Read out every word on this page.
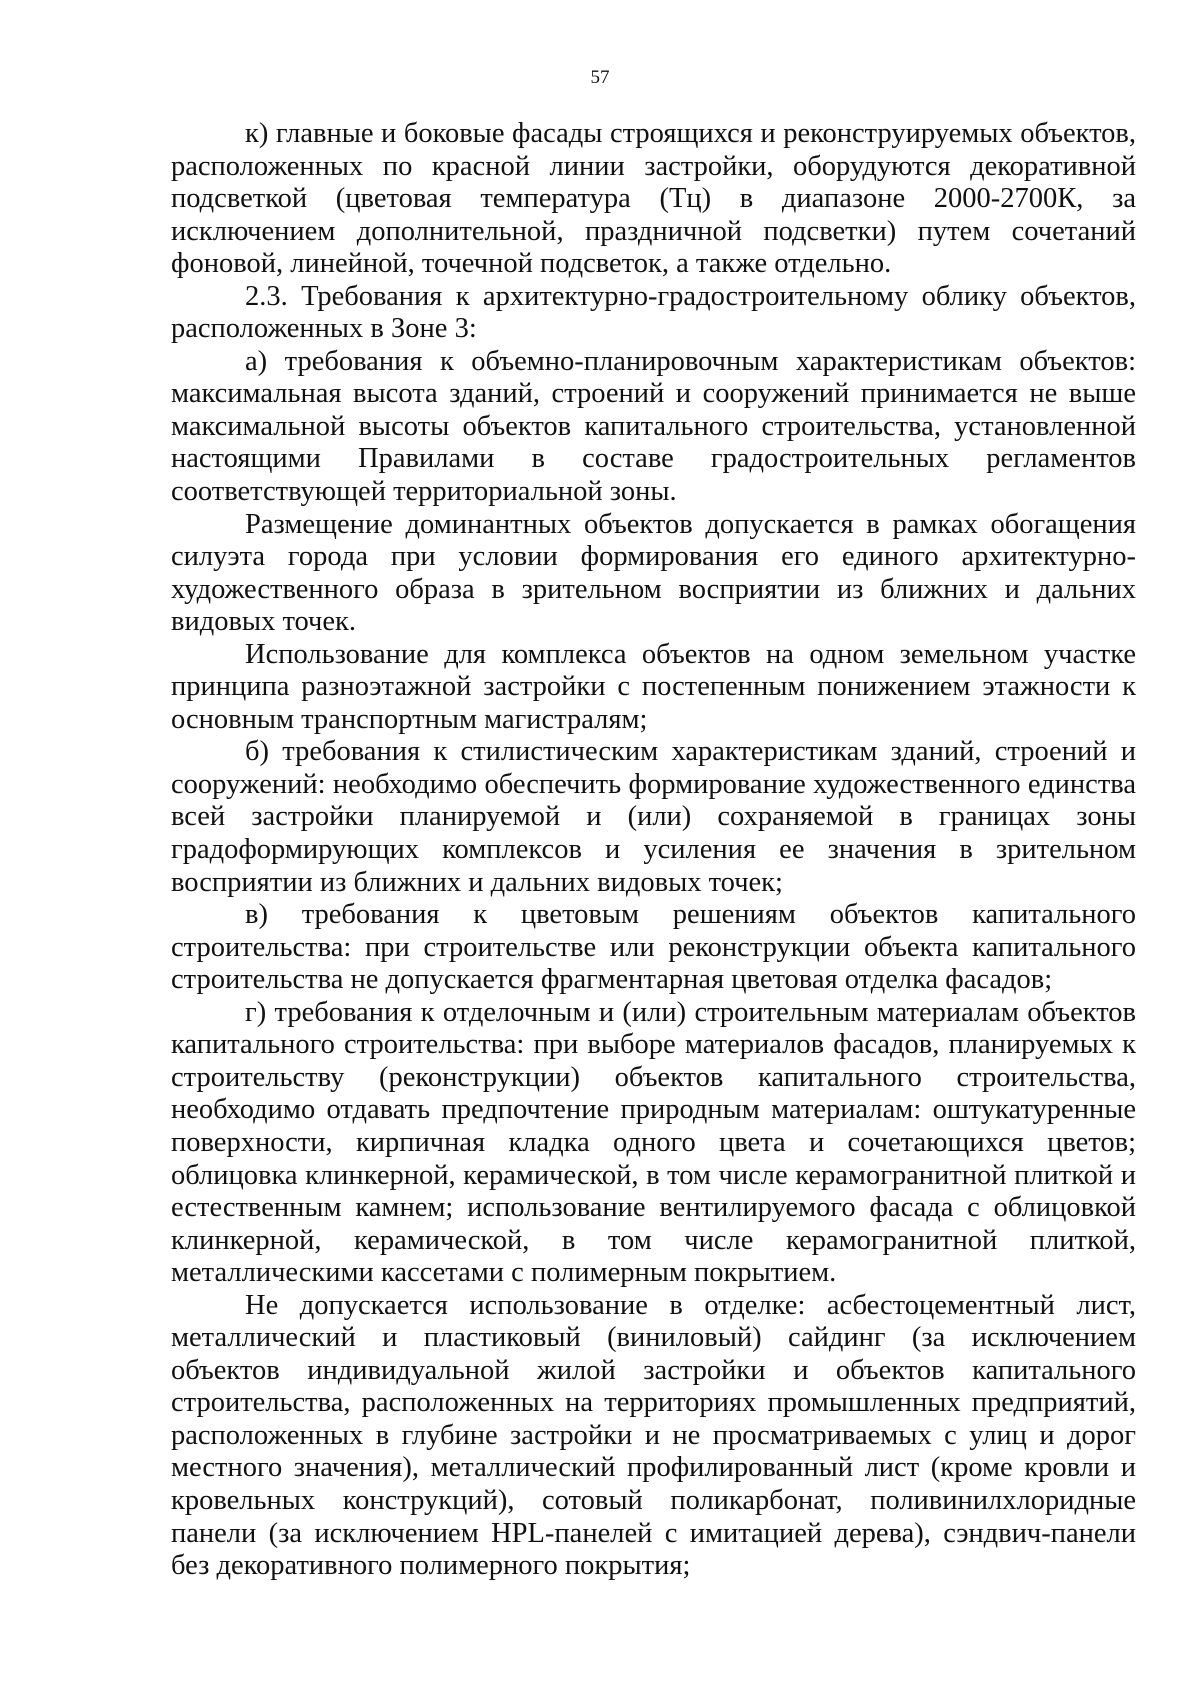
57

к) главные и боковые фасады строящихся и реконструируемых объектов, расположенных по красной линии застройки, оборудуются декоративной подсветкой (цветовая температура (Тц) в диапазоне 2000-2700К, за исключением дополнительной, праздничной подсветки) путем сочетаний фоновой, линейной, точечной подсветок, а также отдельно.

2.3. Требования к архитектурно-градостроительному облику объектов, расположенных в Зоне 3:

а) требования к объемно-планировочным характеристикам объектов: максимальная высота зданий, строений и сооружений принимается не выше максимальной высоты объектов капитального строительства, установленной настоящими Правилами в составе градостроительных регламентов соответствующей территориальной зоны.

Размещение доминантных объектов допускается в рамках обогащения силуэта города при условии формирования его единого архитектурно-художественного образа в зрительном восприятии из ближних и дальних видовых точек.

Использование для комплекса объектов на одном земельном участке принципа разноэтажной застройки с постепенным понижением этажности к основным транспортным магистралям;

б) требования к стилистическим характеристикам зданий, строений и сооружений: необходимо обеспечить формирование художественного единства всей застройки планируемой и (или) сохраняемой в границах зоны градоформирующих комплексов и усиления ее значения в зрительном восприятии из ближних и дальних видовых точек;

в) требования к цветовым решениям объектов капитального строительства: при строительстве или реконструкции объекта капитального строительства не допускается фрагментарная цветовая отделка фасадов;

г) требования к отделочным и (или) строительным материалам объектов капитального строительства: при выборе материалов фасадов, планируемых к строительству (реконструкции) объектов капитального строительства, необходимо отдавать предпочтение природным материалам: оштукатуренные поверхности, кирпичная кладка одного цвета и сочетающихся цветов; облицовка клинкерной, керамической, в том числе керамогранитной плиткой и естественным камнем; использование вентилируемого фасада с облицовкой клинкерной, керамической, в том числе керамогранитной плиткой, металлическими кассетами с полимерным покрытием.

Не допускается использование в отделке: асбестоцементный лист, металлический и пластиковый (виниловый) сайдинг (за исключением объектов индивидуальной жилой застройки и объектов капитального строительства, расположенных на территориях промышленных предприятий, расположенных в глубине застройки и не просматриваемых с улиц и дорог местного значения), металлический профилированный лист (кроме кровли и кровельных конструкций), сотовый поликарбонат, поливинилхлоридные панели (за исключением HPL-панелей с имитацией дерева), сэндвич-панели без декоративного полимерного покрытия;
